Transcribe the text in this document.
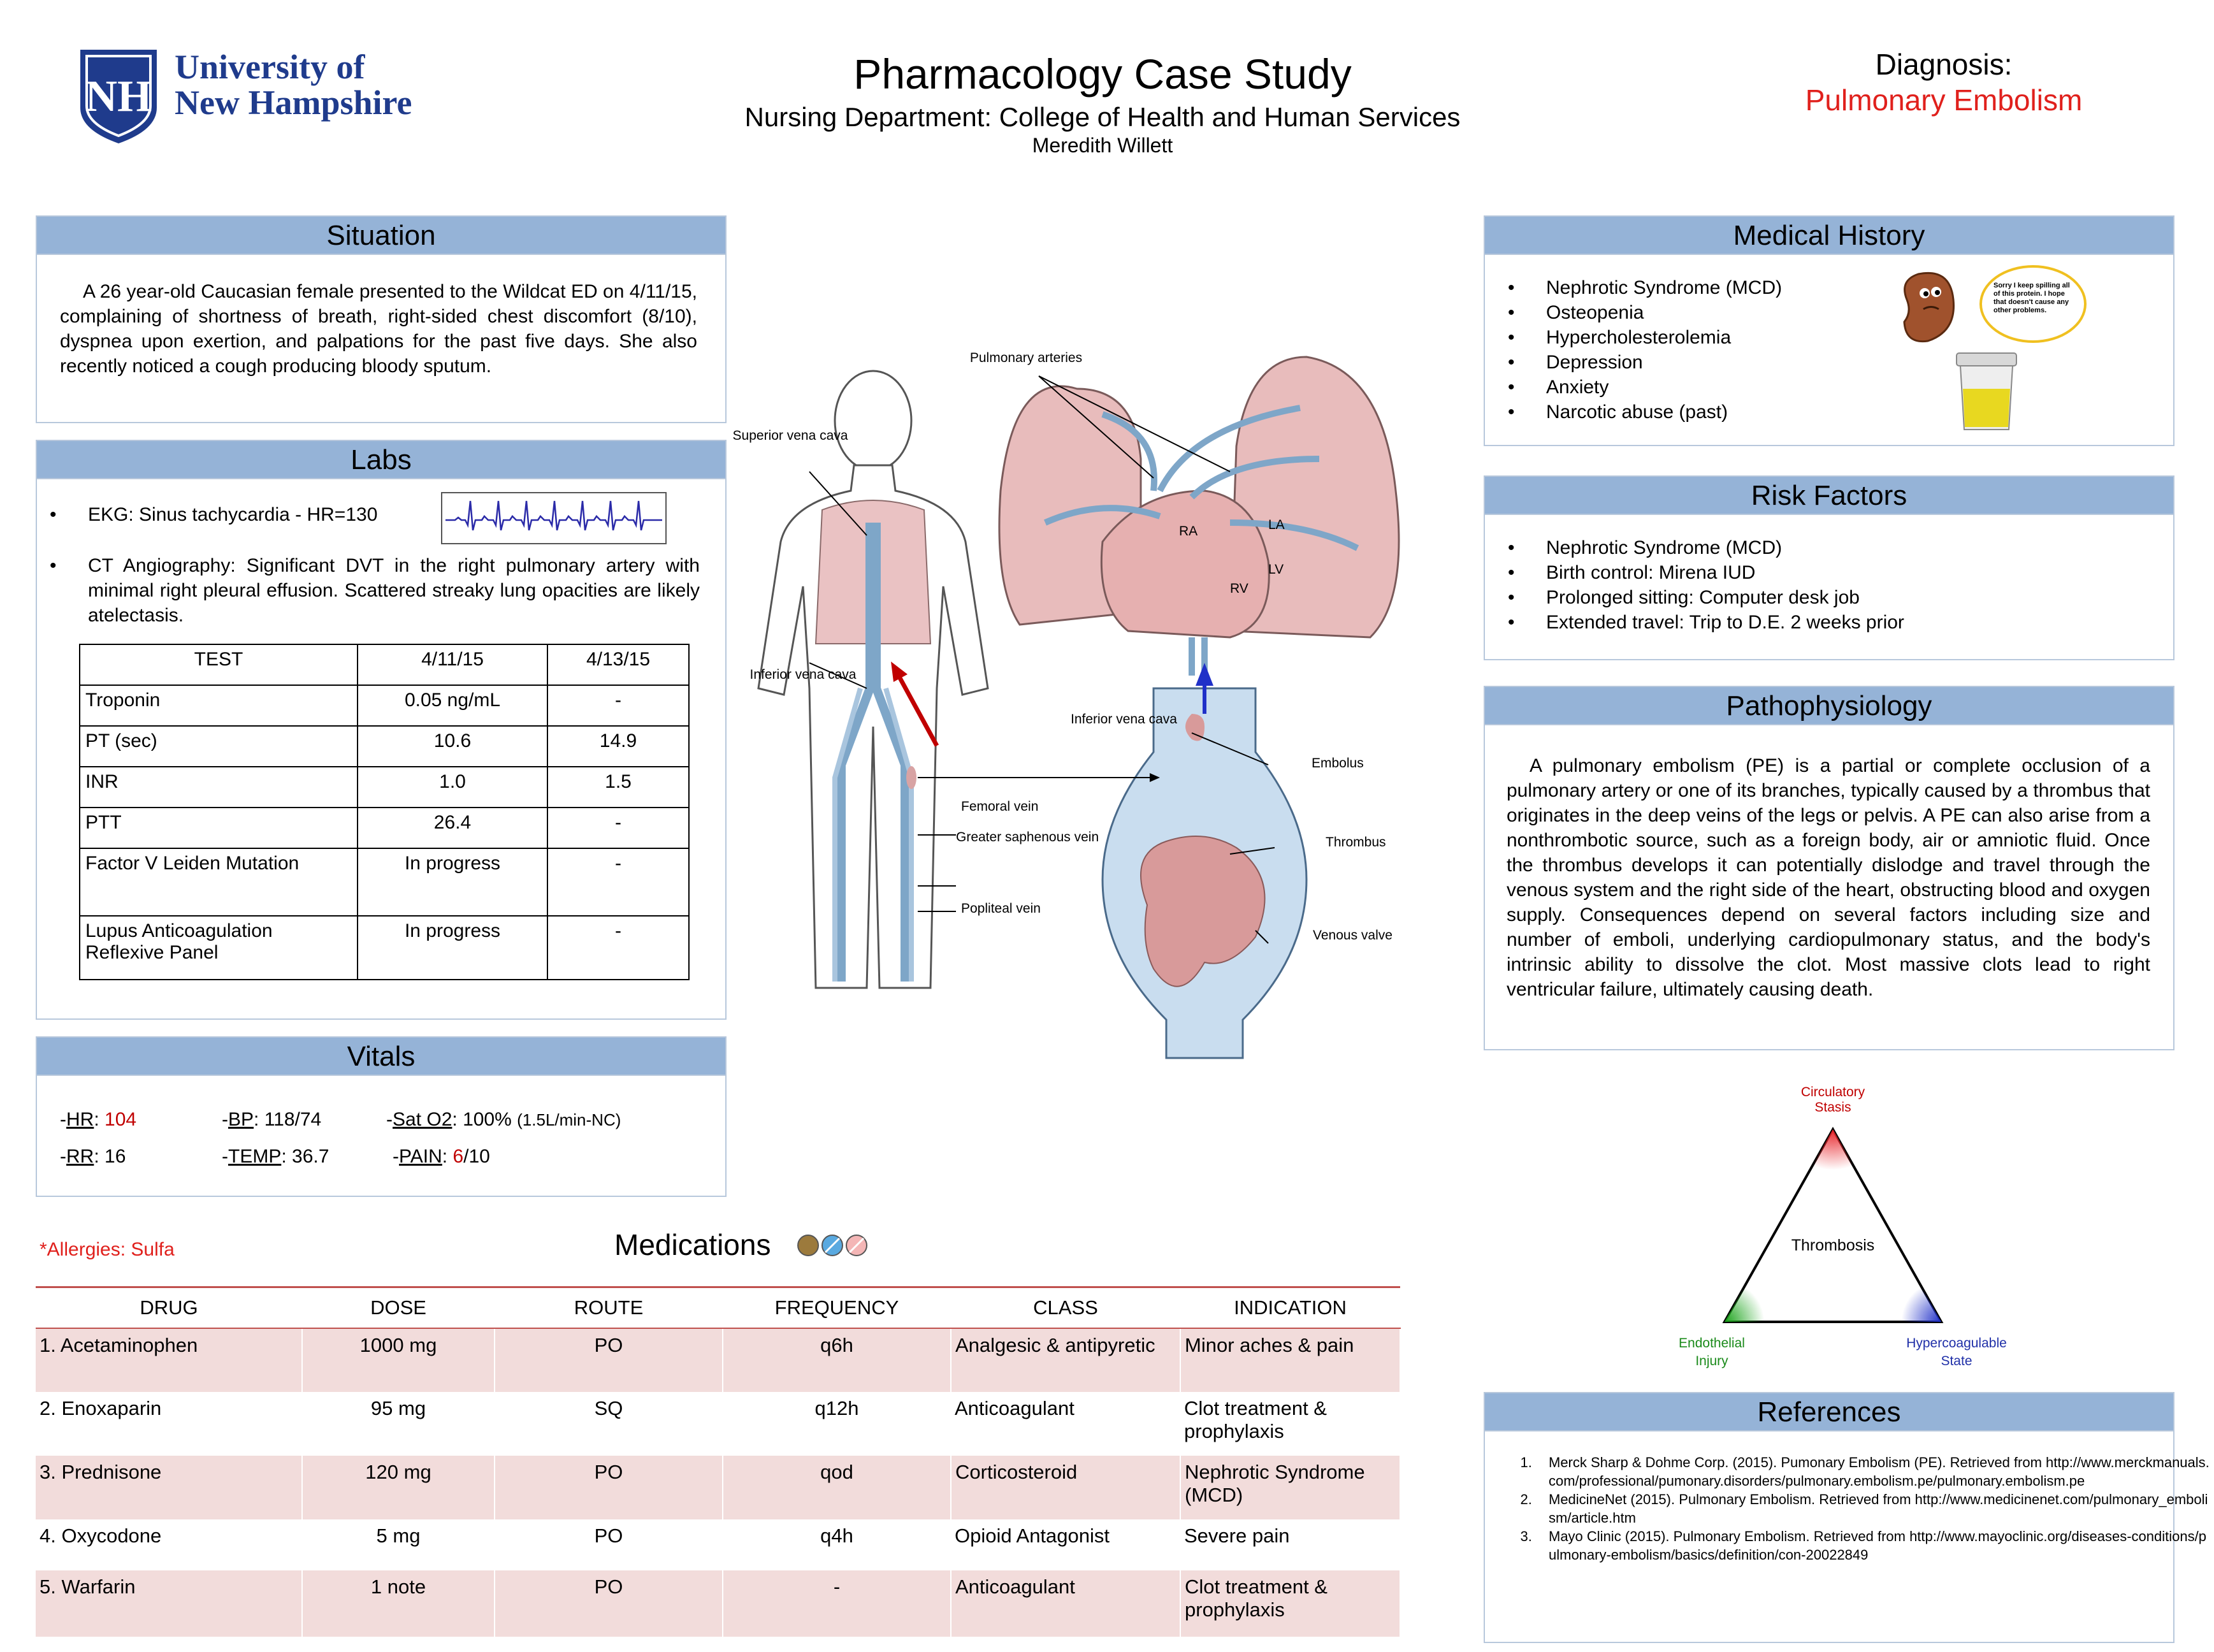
NH
University of
New Hampshire
Pharmacology Case Study
Nursing Department: College of Health and Human Services
Meredith Willett
Diagnosis:
Pulmonary Embolism
Situation
A 26 year-old Caucasian female presented to the Wildcat ED on 4/11/15, complaining of shortness of breath, right-sided chest discomfort (8/10), dyspnea upon exertion, and palpations for the past five days. She also recently noticed a cough producing bloody sputum.
Labs
• EKG: Sinus tachycardia - HR=130
• CT Angiography: Significant DVT in the right pulmonary artery with minimal right pleural effusion. Scattered streaky lung opacities are likely atelectasis.
TEST	4/11/15	4/13/15
Troponin	0.05 ng/mL	-
PT (sec)	10.6	14.9
INR	1.0	1.5
PTT	26.4	-
Factor V Leiden Mutation	In progress	-
Lupus Anticoagulation Reflexive Panel	In progress	-
Vitals
-HR: 104	-BP: 118/74	-Sat O2: 100% (1.5L/min-NC)
-RR: 16	-TEMP: 36.7	-PAIN: 6/10
*Allergies: Sulfa	Medications
DRUG	DOSE	ROUTE	FREQUENCY	CLASS	INDICATION
1. Acetaminophen	1000 mg	PO	q6h	Analgesic & antipyretic	Minor aches & pain
2. Enoxaparin	95 mg	SQ	q12h	Anticoagulant	Clot treatment & prophylaxis
3. Prednisone	120 mg	PO	qod	Corticosteroid	Nephrotic Syndrome (MCD)
4. Oxycodone	5 mg	PO	q4h	Opioid Antagonist	Severe pain
5. Warfarin	1 note	PO	-	Anticoagulant	Clot treatment & prophylaxis
Pulmonary arteries
Superior vena cava
RA	LA
RV
LV
Inferior vena cava
Inferior vena cava
Embolus
Femoral vein
Thrombus
Greater saphenous vein
Popliteal vein
Venous valve
Medical History
• Nephrotic Syndrome (MCD)
• Osteopenia
• Hypercholesterolemia
• Depression
• Anxiety
• Narcotic abuse (past)
Sorry I keep spilling all of this protein. I hope that doesn't cause any other problems.
Risk Factors
• Nephrotic Syndrome (MCD)
• Birth control: Mirena IUD
• Prolonged sitting: Computer desk job
• Extended travel: Trip to D.E. 2 weeks prior
Pathophysiology
A pulmonary embolism (PE) is a partial or complete occlusion of a pulmonary artery or one of its branches, typically caused by a thrombus that originates in the deep veins of the legs or pelvis. A PE can also arise from a nonthrombotic source, such as a foreign body, air or amniotic fluid. Once the thrombus develops it can potentially dislodge and travel through the venous system and the right side of the heart, obstructing blood and oxygen supply. Consequences depend on several factors including size and number of emboli, underlying cardiopulmonary status, and the body's intrinsic ability to dissolve the clot. Most massive clots lead to right ventricular failure, ultimately causing death.
Circulatory
Stasis
Thrombosis
Endothelial
Injury
Hypercoagulable
State
References
1. Merck Sharp & Dohme Corp. (2015). Pumonary Embolism (PE). Retrieved from http://www.merckmanuals.com/professional/pumonary.disorders/pulmonary.embolism.pe/pulmonary.embolism.pe
2. MedicineNet (2015). Pulmonary Embolism. Retrieved from http://www.medicinenet.com/pulmonary_embolism/article.htm
3. Mayo Clinic (2015). Pulmonary Embolism. Retrieved from http://www.mayoclinic.org/diseases-conditions/pulmonary-embolism/basics/definition/con-20022849
